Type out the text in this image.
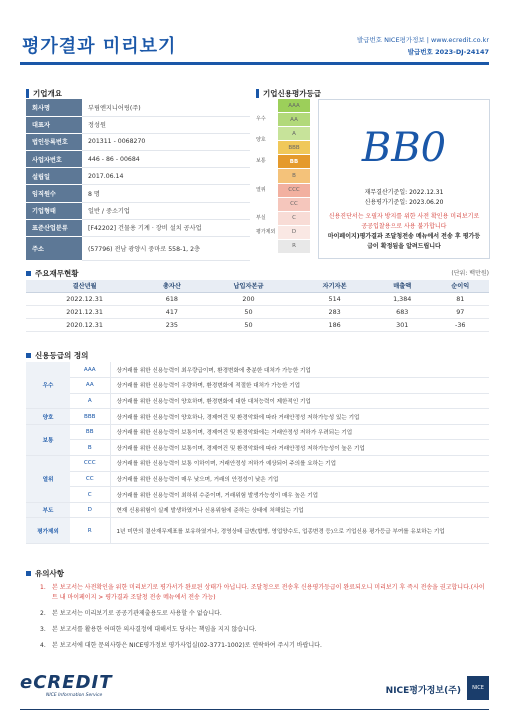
평가결과 미리보기	발급번호 NICE평가정보 | www.ecredit.co.kr
발급번호 2023-DJ-24147
기업개요
회사명	부림엔지니어링(주)
대표자	정성원
법인등록번호	201311 - 0068270
사업자번호	446 - 86 - 00684
설립일	2017.06.14
임직원수	8 명
기업형태	일반 / 중소기업
표준산업분류	[F42202] 건물용 기계 · 장비 설치 공사업
주소	(57796) 전남 광양시 중마로 558-1, 2층
기업신용평가등급
우수
양호
보통
열위
부실
평가제외
AAA
AA
A
BBB
BB
B
CCC
CC
C
D
R
BB0
재무결산기준일: 2022.12.31
신용평가기준일: 2023.06.20
신용진단서는 오필자 방지를 위한 사전 확인용 미리보기로 공공입찰용으로 사용 불가합니다
마이페이지)평가결과 조달청전송 메뉴에서 전송 후 평가등급이 확정됨을 알려드립니다
주요재무현황	(단위: 백만원)
결산년월	총자산	납입자본금	자기자본	매출액	순이익
2022.12.31	618	200	514	1,384	81
2021.12.31	417	50	283	683	97
2020.12.31	235	50	186	301	-36
신용등급의 정의
우수	AAA	상거래를 위한 신용능력이 최우량급이며, 환경변화에 충분한 대처가 가능한 기업
	AA	상거래를 위한 신용능력이 우량하며, 환경변화에 적절한 대처가 가능한 기업
	A	상거래를 위한 신용능력이 양호하며, 환경변화에 대한 대처능력이 제한적인 기업
양호	BBB	상거래를 위한 신용능력이 양호하나, 경제여건 및 환경악화에 따라 거래안정성 저하가능성 있는 기업
보통	BB	상거래를 위한 신용능력이 보통이며, 경제여건 및 환경악화에는 거래안정성 저하가 우려되는 기업
	B	상거래를 위한 신용능력이 보통이며, 경제여건 및 환경악화에 따라 거래안정성 저하가능성이 높은 기업
열위	CCC	상거래를 위한 신용능력이 보통 이하이며, 거래안정성 저하가 예상되어 주의를 요하는 기업
	CC	상거래를 위한 신용능력이 매우 낮으며, 거래의 안정성이 낮은 기업
	C	상거래를 위한 신용능력이 최하위 수준이며, 거래위험 발생가능성이 매우 높은 기업
부도	D	현재 신용위험이 실제 발생하였거나 신용위험에 준하는 상태에 처해있는 기업
평가제외	R	1년 미만의 결산재무제표를 보유하였거나, 경영상태 급변(합병, 영업양수도, 업종변경 등)으로 기업신용 평가등급 부여를 유보하는 기업
유의사항
1.	본 보고서는 사전확인을 위한 미리보기로 평가서가 완료된 상태가 아닙니다. 조달청으로 전송후 신용평가등급이 완료되오니 미리보기 후 즉시 전송을 권고합니다.(사이트 내 마이페이지 > 평가결과 조달청 전송 메뉴에서 전송 가능)
2.	본 보고서는 미리보기로 공공기관제출용도로 사용할 수 없습니다.
3.	본 보고서를 활용한 어떠한 의사결정에 대해서도 당사는 책임을 지지 않습니다.
4.	본 보고서에 대한 문의사항은 NICE평가정보 평가사업실(02-3771-1002)로 연락하여 주시기 바랍니다.
eCREDIT
NICE Information Service	NICE평가정보(주) NICE
